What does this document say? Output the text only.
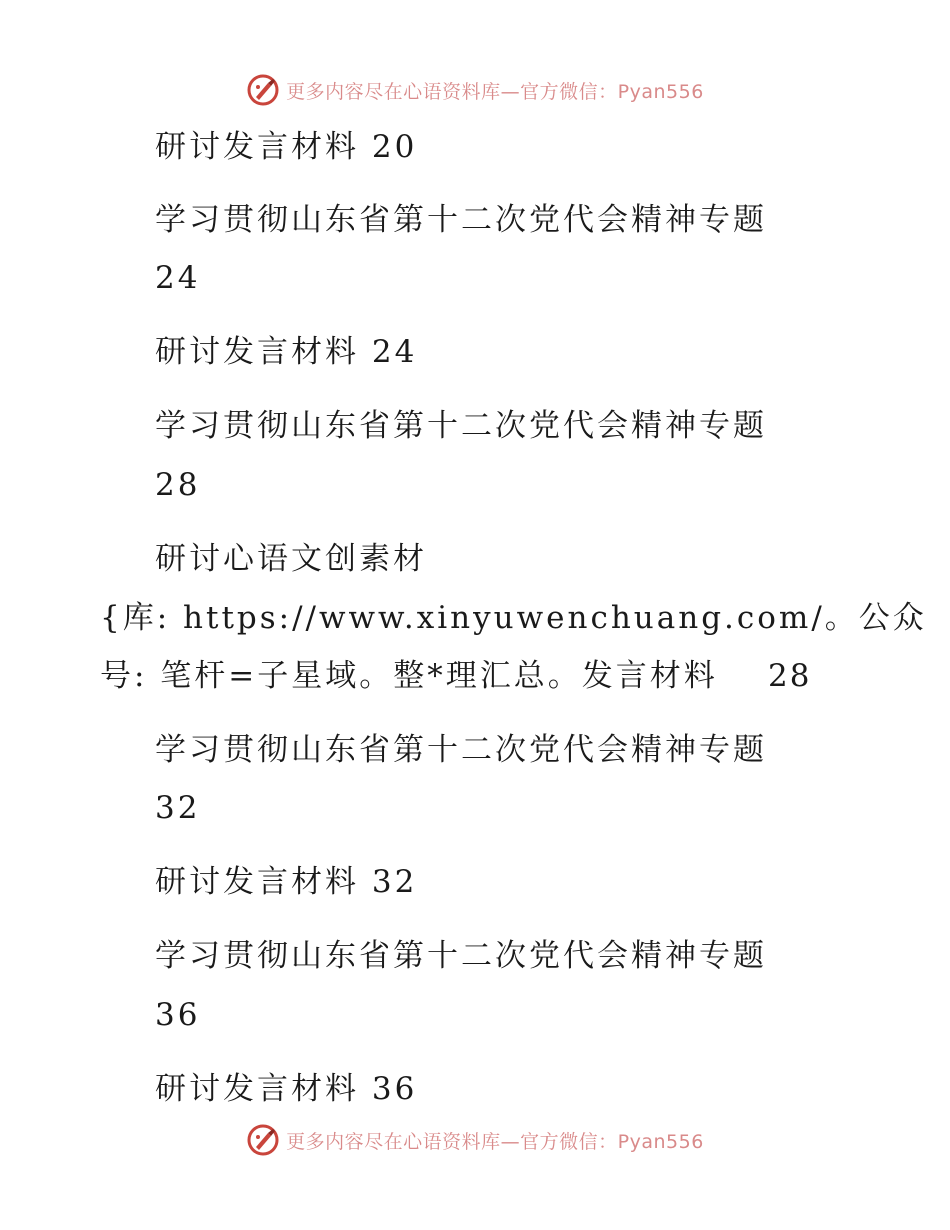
更多内容尽在心语资料库—官方微信：Pyan556
研讨发言材料 20
学习贯彻山东省第十二次党代会精神专题
24
研讨发言材料 24
学习贯彻山东省第十二次党代会精神专题
28
研讨心语文创素材
{库: https://www.xinyuwenchuang.com/。公众
号: 笔杆=子星域。整*理汇总。发言材料 28
学习贯彻山东省第十二次党代会精神专题
32
研讨发言材料 32
学习贯彻山东省第十二次党代会精神专题
36
研讨发言材料 36
更多内容尽在心语资料库—官方微信：Pyan556
